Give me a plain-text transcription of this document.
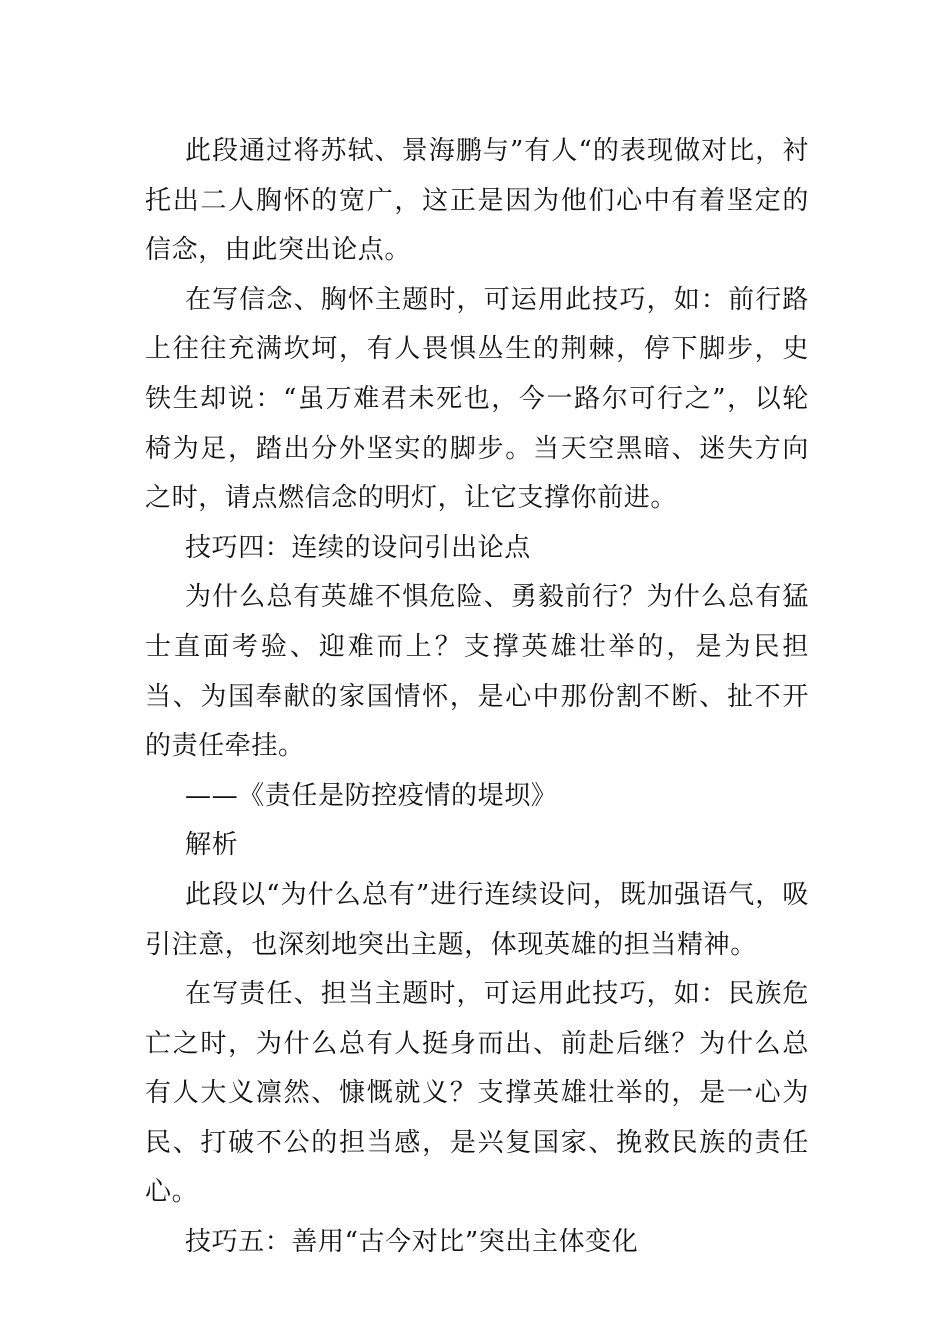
此段通过将苏轼、景海鹏与”有人“的表现做对比，衬托出二人胸怀的宽广，这正是因为他们心中有着坚定的信念，由此突出论点。

在写信念、胸怀主题时，可运用此技巧，如：前行路上往往充满坎坷，有人畏惧丛生的荆棘，停下脚步，史铁生却说：“虽万难君未死也，今一路尔可行之”，以轮椅为足，踏出分外坚实的脚步。当天空黑暗、迷失方向之时，请点燃信念的明灯，让它支撑你前进。

技巧四：连续的设问引出论点

为什么总有英雄不惧危险、勇毅前行？为什么总有猛士直面考验、迎难而上？支撑英雄壮举的，是为民担当、为国奉献的家国情怀，是心中那份割不断、扯不开的责任牵挂。

——《责任是防控疫情的堤坝》

解析

此段以“为什么总有”进行连续设问，既加强语气，吸引注意，也深刻地突出主题，体现英雄的担当精神。

在写责任、担当主题时，可运用此技巧，如：民族危亡之时，为什么总有人挺身而出、前赴后继？为什么总有人大义凛然、慷慨就义？支撑英雄壮举的，是一心为民、打破不公的担当感，是兴复国家、挽救民族的责任心。

技巧五：善用“古今对比”突出主体变化
